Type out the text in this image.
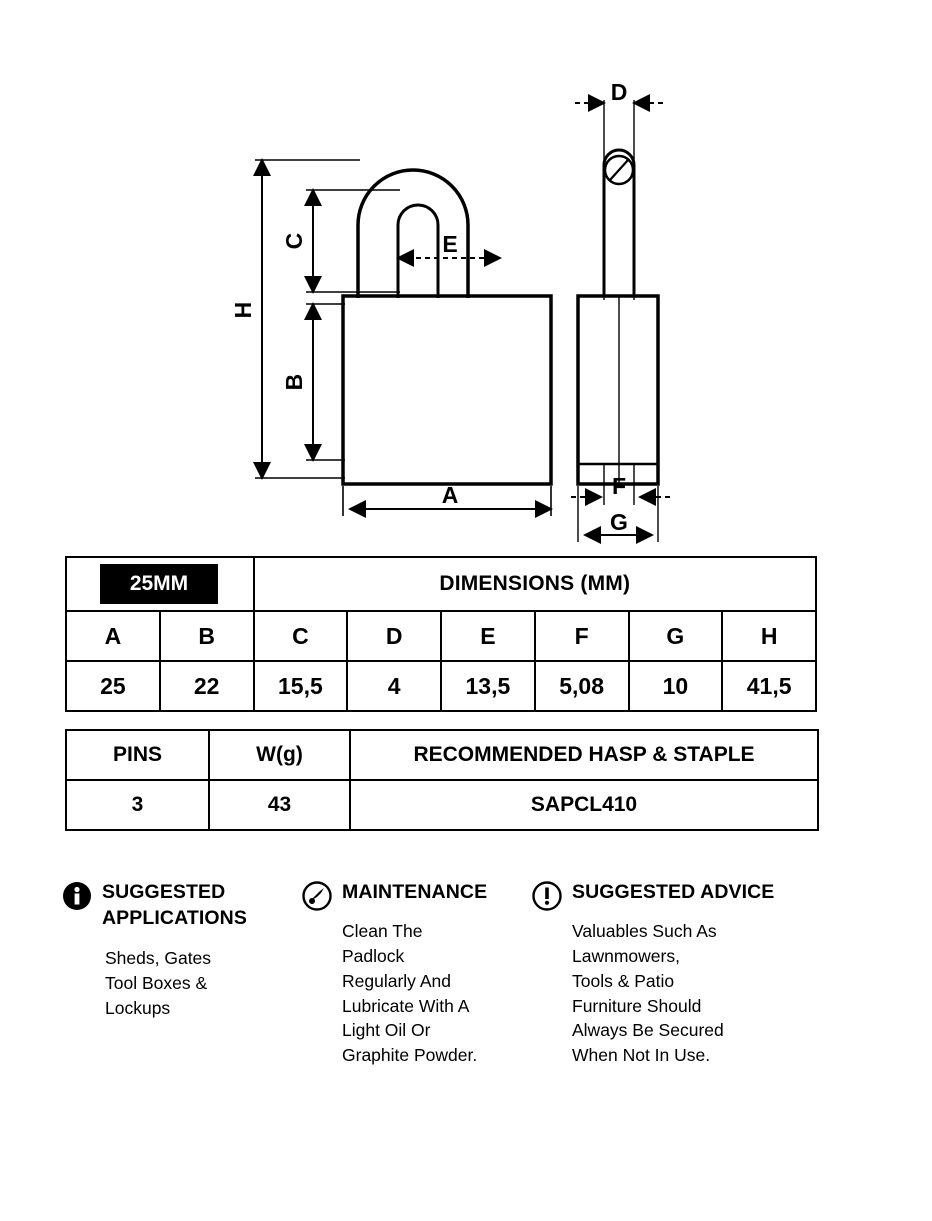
H
C
B
E
A
D
F
G
25MM		DIMENSIONS (MM)					
A	B	C	D	E	F	G	H
25	22	15,5	4	13,5	5,08	10	41,5
PINS	W(g)	RECOMMENDED HASP & STAPLE
3	43	SAPCL410
SUGGESTED
APPLICATIONS
Sheds, Gates
Tool Boxes &
Lockups
MAINTENANCE
Clean The
Padlock
Regularly And
Lubricate With A
Light Oil Or
Graphite Powder.
SUGGESTED ADVICE
Valuables Such As
Lawnmowers,
Tools & Patio
Furniture Should
Always Be Secured
When Not In Use.
